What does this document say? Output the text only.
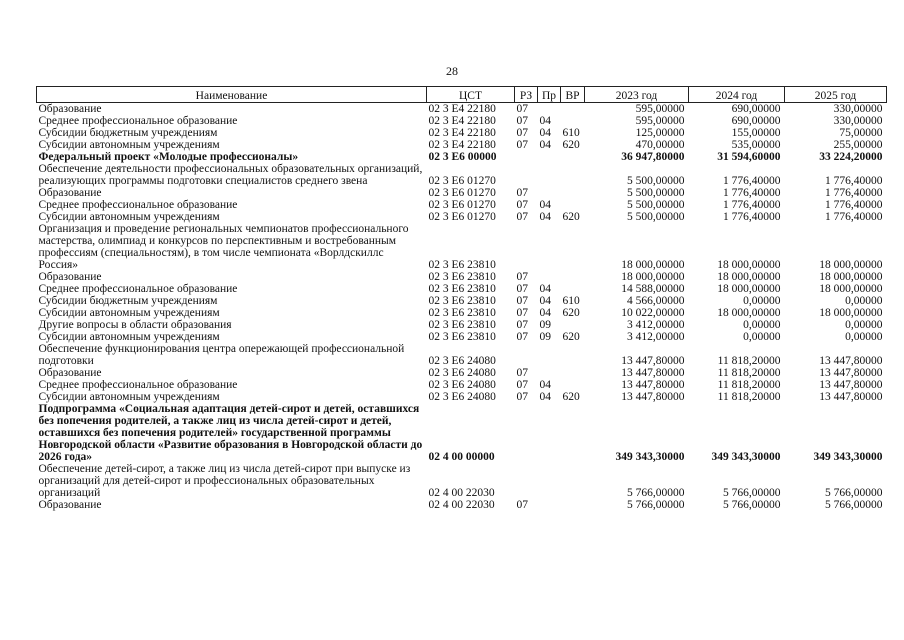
28
Наименование	ЦСТ	РЗ	Пр	ВР	2023 год	2024 год	2025 год
Образование	02 3 E4 22180	07			595,00000	690,00000	330,00000
Среднее профессиональное образование	02 3 E4 22180	07	04		595,00000	690,00000	330,00000
Субсидии бюджетным учреждениям	02 3 E4 22180	07	04	610	125,00000	155,00000	75,00000
Субсидии автономным учреждениям	02 3 E4 22180	07	04	620	470,00000	535,00000	255,00000
Федеральный проект «Молодые профессионалы»	02 3 E6 00000				36 947,80000	31 594,60000	33 224,20000
Обеспечение деятельности профессиональных образовательных организаций, реализующих программы подготовки специалистов среднего звена	02 3 E6 01270				5 500,00000	1 776,40000	1 776,40000
Образование	02 3 E6 01270	07			5 500,00000	1 776,40000	1 776,40000
Среднее профессиональное образование	02 3 E6 01270	07	04		5 500,00000	1 776,40000	1 776,40000
Субсидии автономным учреждениям	02 3 E6 01270	07	04	620	5 500,00000	1 776,40000	1 776,40000
Организация и проведение региональных чемпионатов профессионального мастерства, олимпиад и конкурсов по перспективным и востребованным профессиям (специальностям), в том числе чемпионата «Ворлдскиллс Россия»	02 3 E6 23810				18 000,00000	18 000,00000	18 000,00000
Образование	02 3 E6 23810	07			18 000,00000	18 000,00000	18 000,00000
Среднее профессиональное образование	02 3 E6 23810	07	04		14 588,00000	18 000,00000	18 000,00000
Субсидии бюджетным учреждениям	02 3 E6 23810	07	04	610	4 566,00000	0,00000	0,00000
Субсидии автономным учреждениям	02 3 E6 23810	07	04	620	10 022,00000	18 000,00000	18 000,00000
Другие вопросы в области образования	02 3 E6 23810	07	09		3 412,00000	0,00000	0,00000
Субсидии автономным учреждениям	02 3 E6 23810	07	09	620	3 412,00000	0,00000	0,00000
Обеспечение функционирования центра опережающей профессиональной подготовки	02 3 E6 24080				13 447,80000	11 818,20000	13 447,80000
Образование	02 3 E6 24080	07			13 447,80000	11 818,20000	13 447,80000
Среднее профессиональное образование	02 3 E6 24080	07	04		13 447,80000	11 818,20000	13 447,80000
Субсидии автономным учреждениям	02 3 E6 24080	07	04	620	13 447,80000	11 818,20000	13 447,80000
Подпрограмма «Социальная адаптация детей-сирот и детей, оставшихся без попечения родителей, а также лиц из числа детей-сирот и детей, оставшихся без попечения родителей» государственной программы Новгородской области «Развитие образования в Новгородской области до 2026 года»	02 4 00 00000				349 343,30000	349 343,30000	349 343,30000
Обеспечение детей-сирот, а также лиц из числа детей-сирот при выпуске из организаций для детей-сирот и профессиональных образовательных организаций	02 4 00 22030				5 766,00000	5 766,00000	5 766,00000
Образование	02 4 00 22030	07			5 766,00000	5 766,00000	5 766,00000
